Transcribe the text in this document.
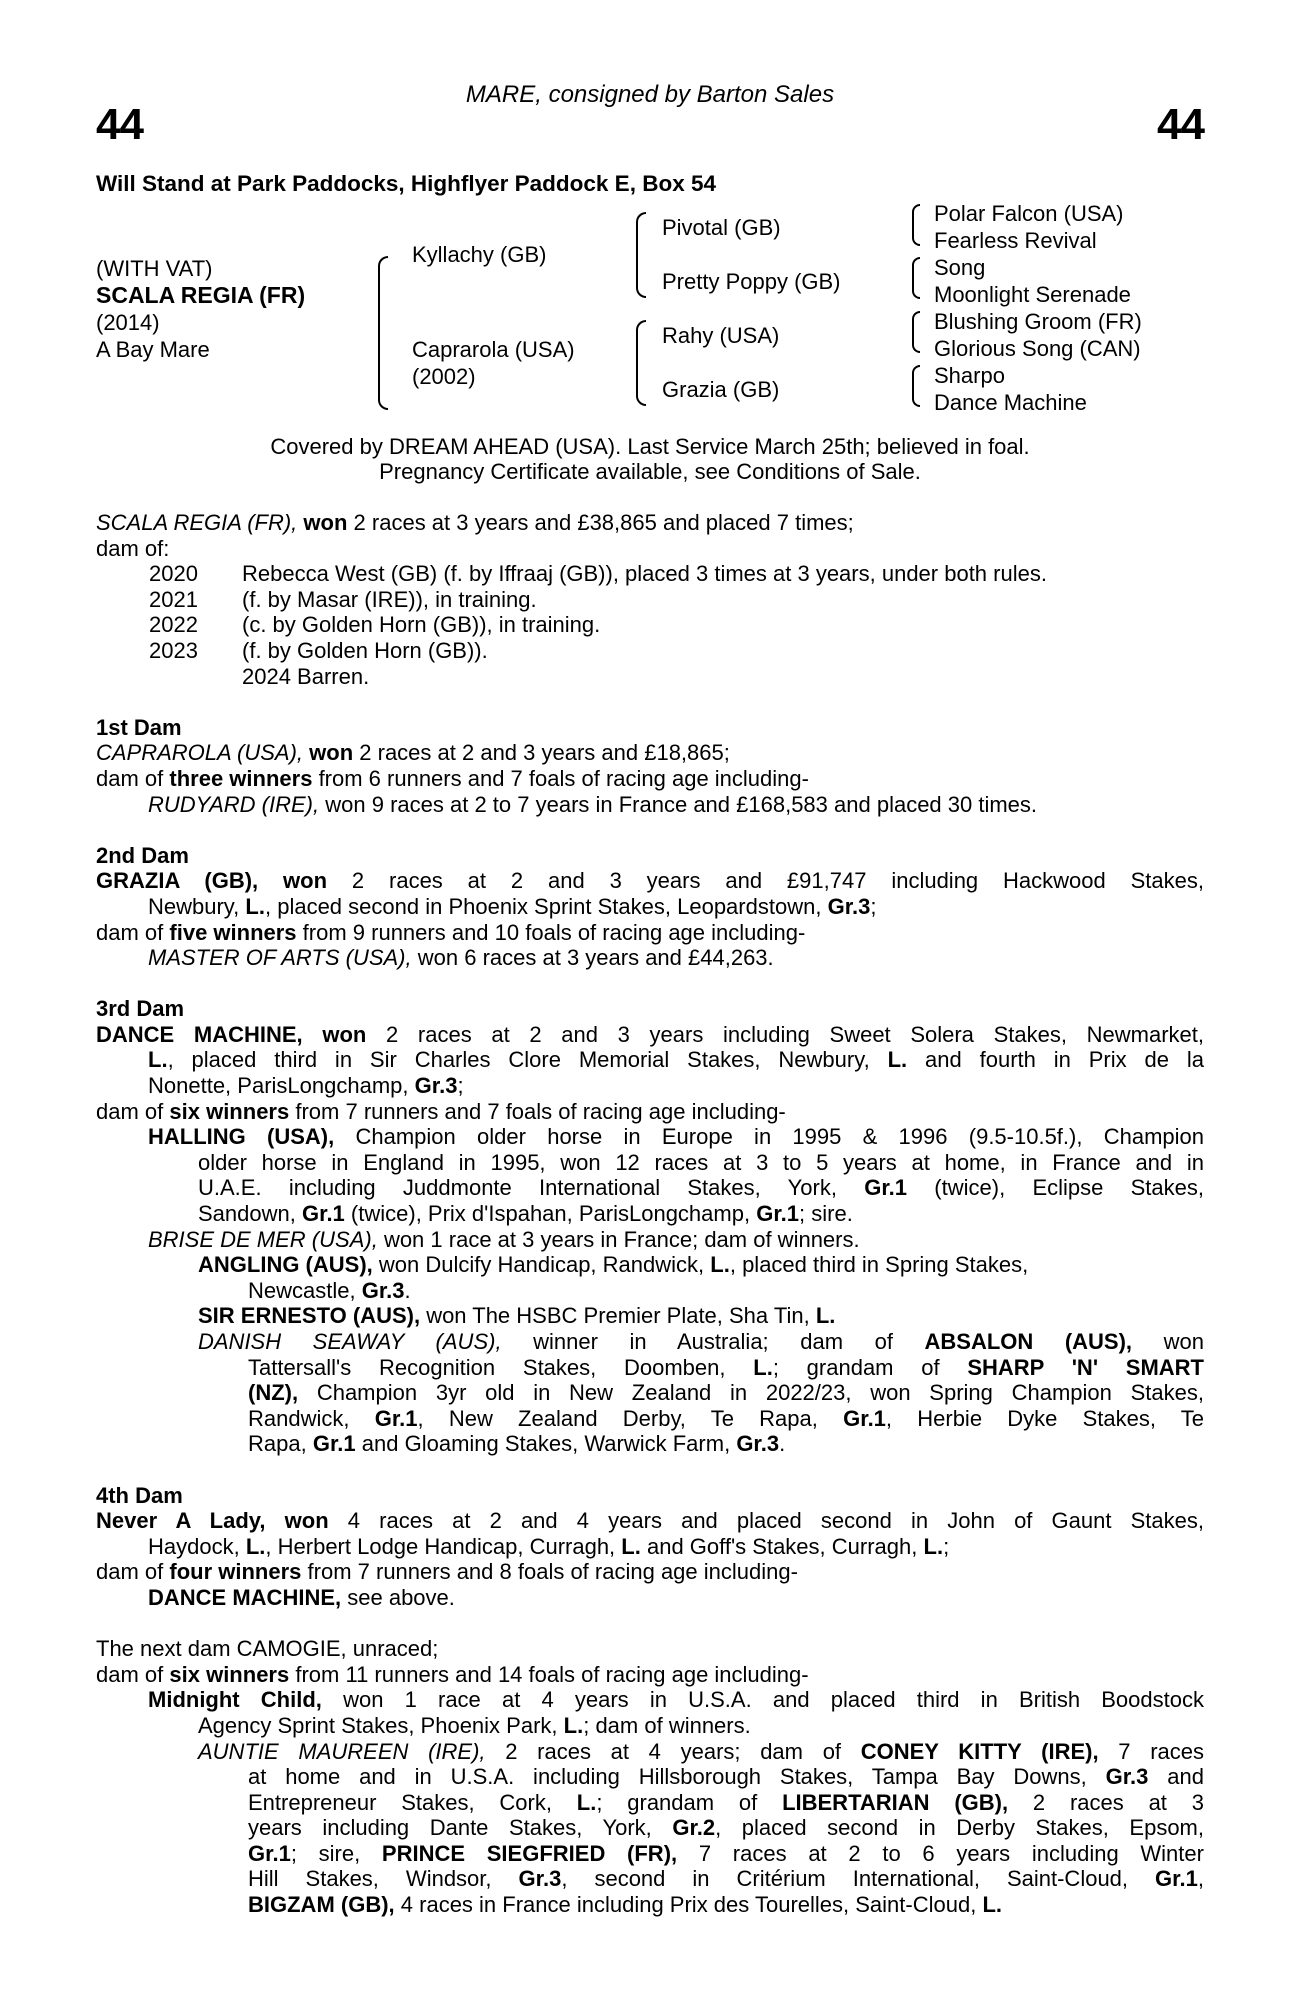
MARE, consigned by Barton Sales
44	44
Will Stand at Park Paddocks, Highflyer Paddock E, Box 54
(WITH VAT)
SCALA REGIA (FR)
(2014)
A Bay Mare
Kyllachy (GB)
Caprarola (USA)
(2002)
Pivotal (GB)
Pretty Poppy (GB)
Rahy (USA)
Grazia (GB)
Polar Falcon (USA)
Fearless Revival
Song
Moonlight Serenade
Blushing Groom (FR)
Glorious Song (CAN)
Sharpo
Dance Machine
Covered by DREAM AHEAD (USA). Last Service March 25th; believed in foal.
Pregnancy Certificate available, see Conditions of Sale.
SCALA REGIA (FR), won 2 races at 3 years and £38,865 and placed 7 times;
dam of:
2020 Rebecca West (GB) (f. by Iffraaj (GB)), placed 3 times at 3 years, under both rules.
2021 (f. by Masar (IRE)), in training.
2022 (c. by Golden Horn (GB)), in training.
2023 (f. by Golden Horn (GB)).
2024 Barren.
1st Dam
CAPRAROLA (USA), won 2 races at 2 and 3 years and £18,865;
dam of three winners from 6 runners and 7 foals of racing age including-
RUDYARD (IRE), won 9 races at 2 to 7 years in France and £168,583 and placed 30 times.
2nd Dam
GRAZIA (GB), won 2 races at 2 and 3 years and £91,747 including Hackwood Stakes,
Newbury, L., placed second in Phoenix Sprint Stakes, Leopardstown, Gr.3;
dam of five winners from 9 runners and 10 foals of racing age including-
MASTER OF ARTS (USA), won 6 races at 3 years and £44,263.
3rd Dam
DANCE MACHINE, won 2 races at 2 and 3 years including Sweet Solera Stakes, Newmarket,
L., placed third in Sir Charles Clore Memorial Stakes, Newbury, L. and fourth in Prix de la
Nonette, ParisLongchamp, Gr.3;
dam of six winners from 7 runners and 7 foals of racing age including-
HALLING (USA), Champion older horse in Europe in 1995 & 1996 (9.5-10.5f.), Champion
older horse in England in 1995, won 12 races at 3 to 5 years at home, in France and in
U.A.E. including Juddmonte International Stakes, York, Gr.1 (twice), Eclipse Stakes,
Sandown, Gr.1 (twice), Prix d'Ispahan, ParisLongchamp, Gr.1; sire.
BRISE DE MER (USA), won 1 race at 3 years in France; dam of winners.
ANGLING (AUS), won Dulcify Handicap, Randwick, L., placed third in Spring Stakes,
Newcastle, Gr.3.
SIR ERNESTO (AUS), won The HSBC Premier Plate, Sha Tin, L.
DANISH SEAWAY (AUS), winner in Australia; dam of ABSALON (AUS), won
Tattersall's Recognition Stakes, Doomben, L.; grandam of SHARP 'N' SMART
(NZ), Champion 3yr old in New Zealand in 2022/23, won Spring Champion Stakes,
Randwick, Gr.1, New Zealand Derby, Te Rapa, Gr.1, Herbie Dyke Stakes, Te
Rapa, Gr.1 and Gloaming Stakes, Warwick Farm, Gr.3.
4th Dam
Never A Lady, won 4 races at 2 and 4 years and placed second in John of Gaunt Stakes,
Haydock, L., Herbert Lodge Handicap, Curragh, L. and Goff's Stakes, Curragh, L.;
dam of four winners from 7 runners and 8 foals of racing age including-
DANCE MACHINE, see above.
The next dam CAMOGIE, unraced;
dam of six winners from 11 runners and 14 foals of racing age including-
Midnight Child, won 1 race at 4 years in U.S.A. and placed third in British Boodstock
Agency Sprint Stakes, Phoenix Park, L.; dam of winners.
AUNTIE MAUREEN (IRE), 2 races at 4 years; dam of CONEY KITTY (IRE), 7 races
at home and in U.S.A. including Hillsborough Stakes, Tampa Bay Downs, Gr.3 and
Entrepreneur Stakes, Cork, L.; grandam of LIBERTARIAN (GB), 2 races at 3
years including Dante Stakes, York, Gr.2, placed second in Derby Stakes, Epsom,
Gr.1; sire, PRINCE SIEGFRIED (FR), 7 races at 2 to 6 years including Winter
Hill Stakes, Windsor, Gr.3, second in Critérium International, Saint-Cloud, Gr.1,
BIGZAM (GB), 4 races in France including Prix des Tourelles, Saint-Cloud, L.
